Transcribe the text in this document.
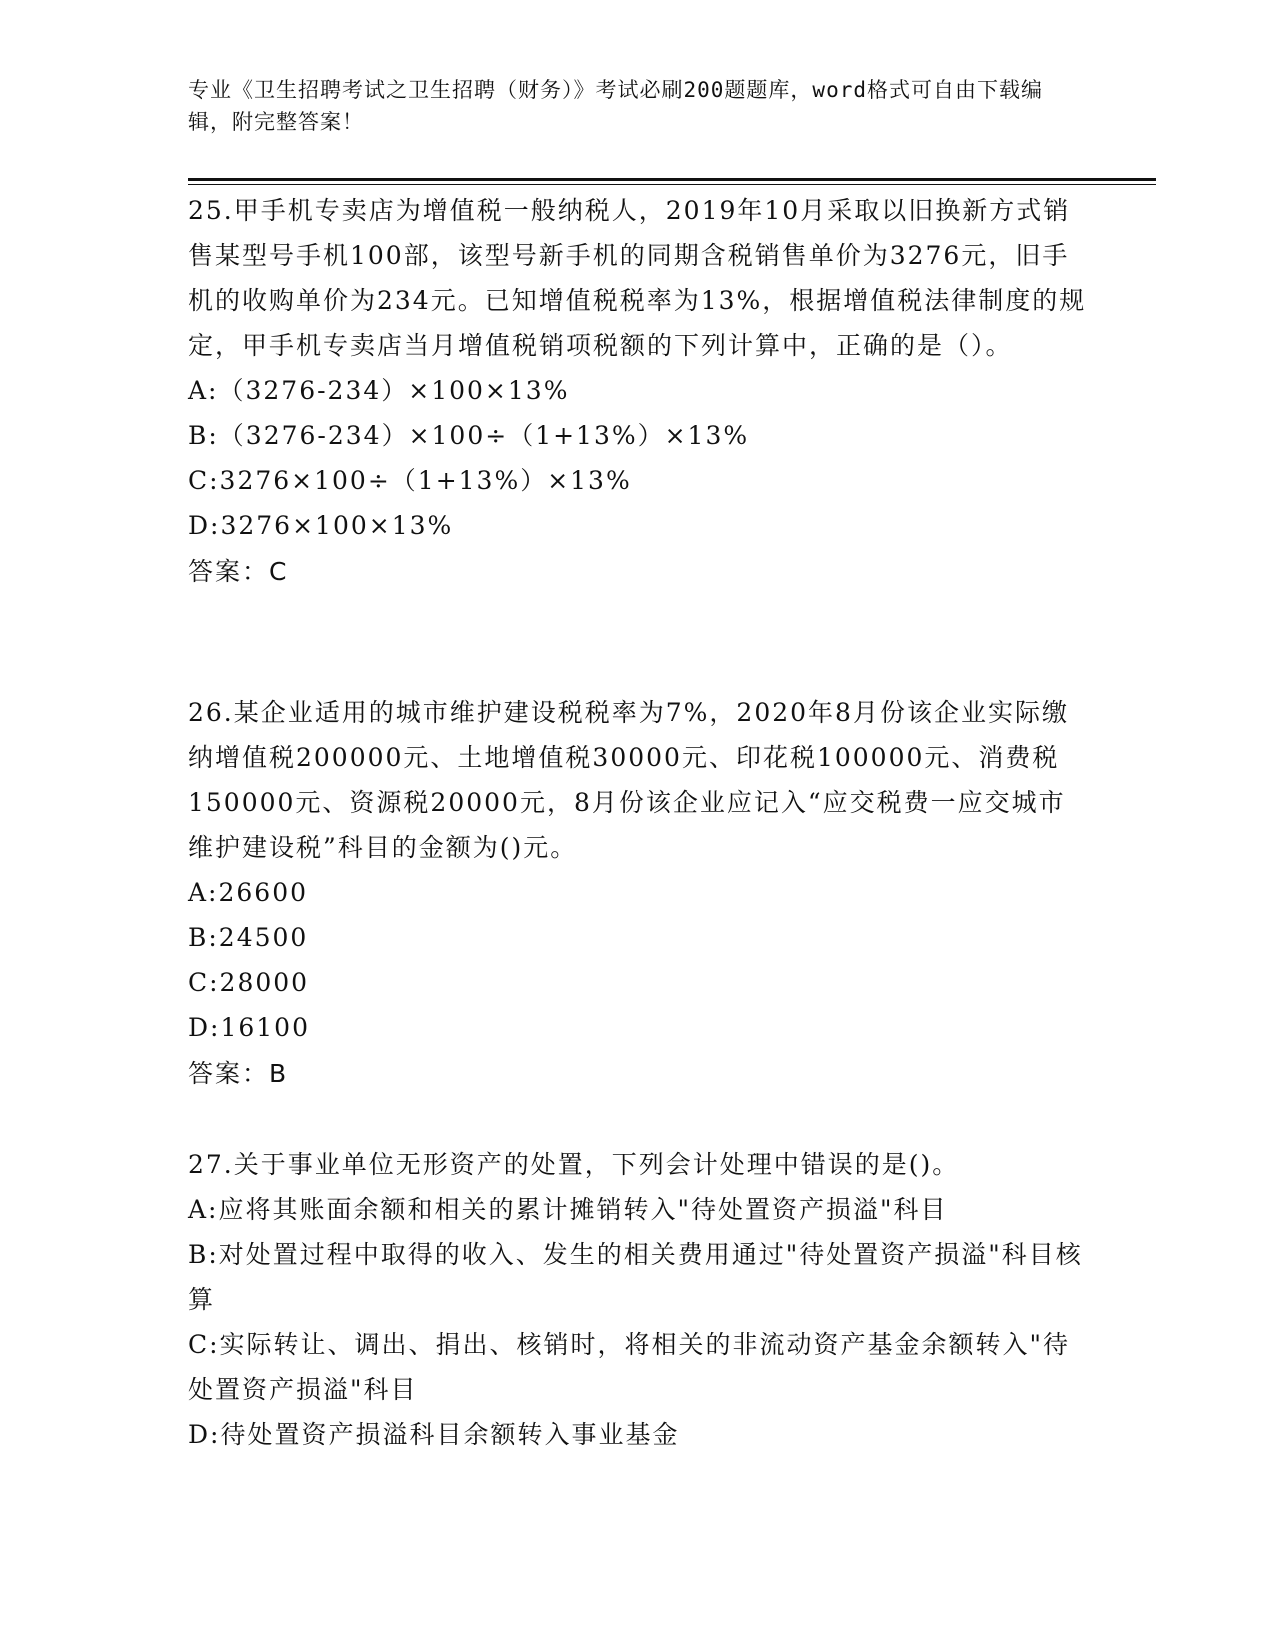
专业《卫生招聘考试之卫生招聘（财务）》考试必刷200题题库，word格式可自由下载编辑，附完整答案！
25.甲手机专卖店为增值税一般纳税人，2019年10月采取以旧换新方式销售某型号手机100部，该型号新手机的同期含税销售单价为3276元，旧手机的收购单价为234元。已知增值税税率为13%，根据增值税法律制度的规定，甲手机专卖店当月增值税销项税额的下列计算中，正确的是（）。
A:（3276-234）×100×13%
B:（3276-234）×100÷（1+13%）×13%
C:3276×100÷（1+13%）×13%
D:3276×100×13%
答案：C
26.某企业适用的城市维护建设税税率为7%，2020年8月份该企业实际缴纳增值税200000元、土地增值税30000元、印花税100000元、消费税150000元、资源税20000元，8月份该企业应记入“应交税费一应交城市维护建设税”科目的金额为()元。
A:26600
B:24500
C:28000
D:16100
答案：B
27.关于事业单位无形资产的处置，下列会计处理中错误的是()。
A:应将其账面余额和相关的累计摊销转入"待处置资产损溢"科目
B:对处置过程中取得的收入、发生的相关费用通过"待处置资产损溢"科目核算
C:实际转让、调出、捐出、核销时，将相关的非流动资产基金余额转入"待处置资产损溢"科目
D:待处置资产损溢科目余额转入事业基金
